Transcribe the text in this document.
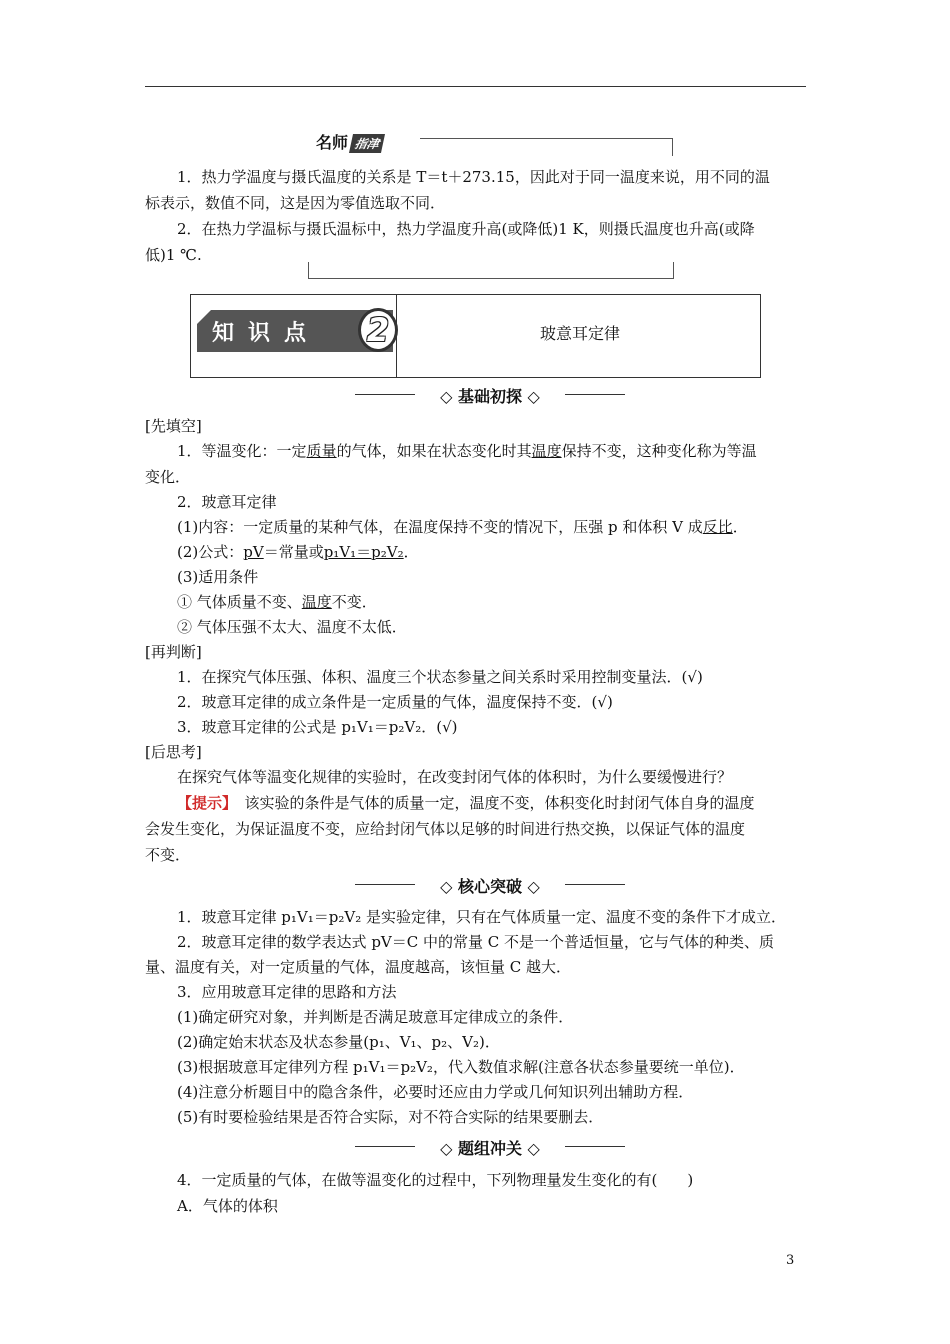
名师 指津
1．热力学温度与摄氏温度的关系是 T＝t＋273.15，因此对于同一温度来说，用不同的温
标表示，数值不同，这是因为零值选取不同．
2．在热力学温标与摄氏温标中，热力学温度升高(或降低)1 K，则摄氏温度也升高(或降
低)1 ℃.
知识点 2	玻意耳定律
◇ 基础初探 ◇
[先填空]
1．等温变化：一定质量的气体，如果在状态变化时其温度保持不变，这种变化称为等温
变化．
2．玻意耳定律
(1)内容：一定质量的某种气体，在温度保持不变的情况下，压强 p 和体积 V 成反比．
(2)公式：pV＝常量或p₁V₁＝p₂V₂．
(3)适用条件
① 气体质量不变、温度不变．
② 气体压强不太大、温度不太低．
[再判断]
1．在探究气体压强、体积、温度三个状态参量之间关系时采用控制变量法．(√)
2．玻意耳定律的成立条件是一定质量的气体，温度保持不变．(√)
3．玻意耳定律的公式是 p₁V₁＝p₂V₂．(√)
[后思考]
在探究气体等温变化规律的实验时，在改变封闭气体的体积时，为什么要缓慢进行？
【提示】　 该实验的条件是气体的质量一定，温度不变，体积变化时封闭气体自身的温度
会发生变化，为保证温度不变，应给封闭气体以足够的时间进行热交换，以保证气体的温度
不变．
◇ 核心突破 ◇
1．玻意耳定律 p₁V₁＝p₂V₂ 是实验定律，只有在气体质量一定、温度不变的条件下才成立．
2．玻意耳定律的数学表达式 pV＝C 中的常量 C 不是一个普适恒量，它与气体的种类、质
量、温度有关，对一定质量的气体，温度越高，该恒量 C 越大．
3．应用玻意耳定律的思路和方法
(1)确定研究对象，并判断是否满足玻意耳定律成立的条件．
(2)确定始末状态及状态参量(p₁、V₁、p₂、V₂)．
(3)根据玻意耳定律列方程 p₁V₁＝p₂V₂，代入数值求解(注意各状态参量要统一单位)．
(4)注意分析题目中的隐含条件，必要时还应由力学或几何知识列出辅助方程．
(5)有时要检验结果是否符合实际，对不符合实际的结果要删去．
◇ 题组冲关 ◇
4．一定质量的气体，在做等温变化的过程中，下列物理量发生变化的有(　　)
A．气体的体积
3
